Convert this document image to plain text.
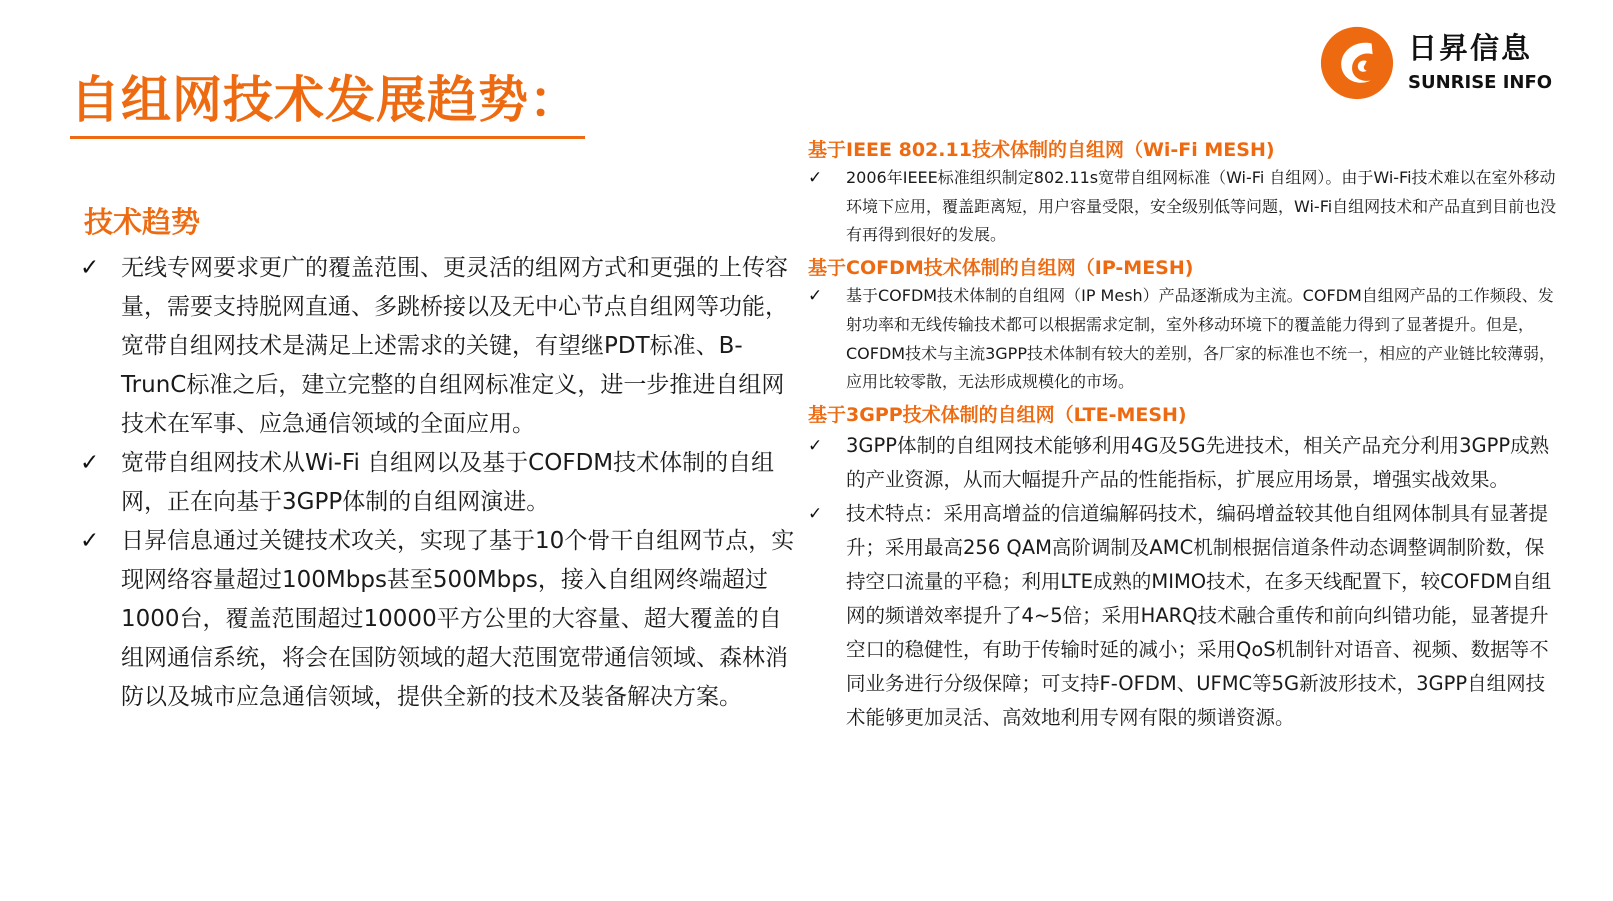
自组网技术发展趋势：
日昇信息
SUNRISE INFO
技术趋势
✓ 无线专网要求更广的覆盖范围、更灵活的组网方式和更强的上传容量，需要支持脱网直通、多跳桥接以及无中心节点自组网等功能，宽带自组网技术是满足上述需求的关键，有望继PDT标准、B-TrunC标准之后，建立完整的自组网标准定义，进一步推进自组网技术在军事、应急通信领域的全面应用。
✓ 宽带自组网技术从Wi-Fi 自组网以及基于COFDM技术体制的自组网，正在向基于3GPP体制的自组网演进。
✓ 日昇信息通过关键技术攻关，实现了基于10个骨干自组网节点，实现网络容量超过100Mbps甚至500Mbps，接入自组网终端超过1000台，覆盖范围超过10000平方公里的大容量、超大覆盖的自组网通信系统，将会在国防领域的超大范围宽带通信领域、森林消防以及城市应急通信领域，提供全新的技术及装备解决方案。
基于IEEE 802.11技术体制的自组网（Wi-Fi MESH)
✓ 2006年IEEE标准组织制定802.11s宽带自组网标准（Wi-Fi 自组网）。由于Wi-Fi技术难以在室外移动环境下应用，覆盖距离短，用户容量受限，安全级别低等问题，Wi-Fi自组网技术和产品直到目前也没有再得到很好的发展。
基于COFDM技术体制的自组网（IP-MESH)
✓ 基于COFDM技术体制的自组网（IP Mesh）产品逐渐成为主流。COFDM自组网产品的工作频段、发射功率和无线传输技术都可以根据需求定制，室外移动环境下的覆盖能力得到了显著提升。但是，COFDM技术与主流3GPP技术体制有较大的差别，各厂家的标准也不统一，相应的产业链比较薄弱，应用比较零散，无法形成规模化的市场。
基于3GPP技术体制的自组网（LTE-MESH)
✓ 3GPP体制的自组网技术能够利用4G及5G先进技术，相关产品充分利用3GPP成熟的产业资源，从而大幅提升产品的性能指标，扩展应用场景，增强实战效果。
✓ 技术特点：采用高增益的信道编解码技术，编码增益较其他自组网体制具有显著提升；采用最高256 QAM高阶调制及AMC机制根据信道条件动态调整调制阶数，保持空口流量的平稳；利用LTE成熟的MIMO技术，在多天线配置下，较COFDM自组网的频谱效率提升了4~5倍；采用HARQ技术融合重传和前向纠错功能，显著提升空口的稳健性，有助于传输时延的减小；采用QoS机制针对语音、视频、数据等不同业务进行分级保障；可支持F-OFDM、UFMC等5G新波形技术，3GPP自组网技术能够更加灵活、高效地利用专网有限的频谱资源。
